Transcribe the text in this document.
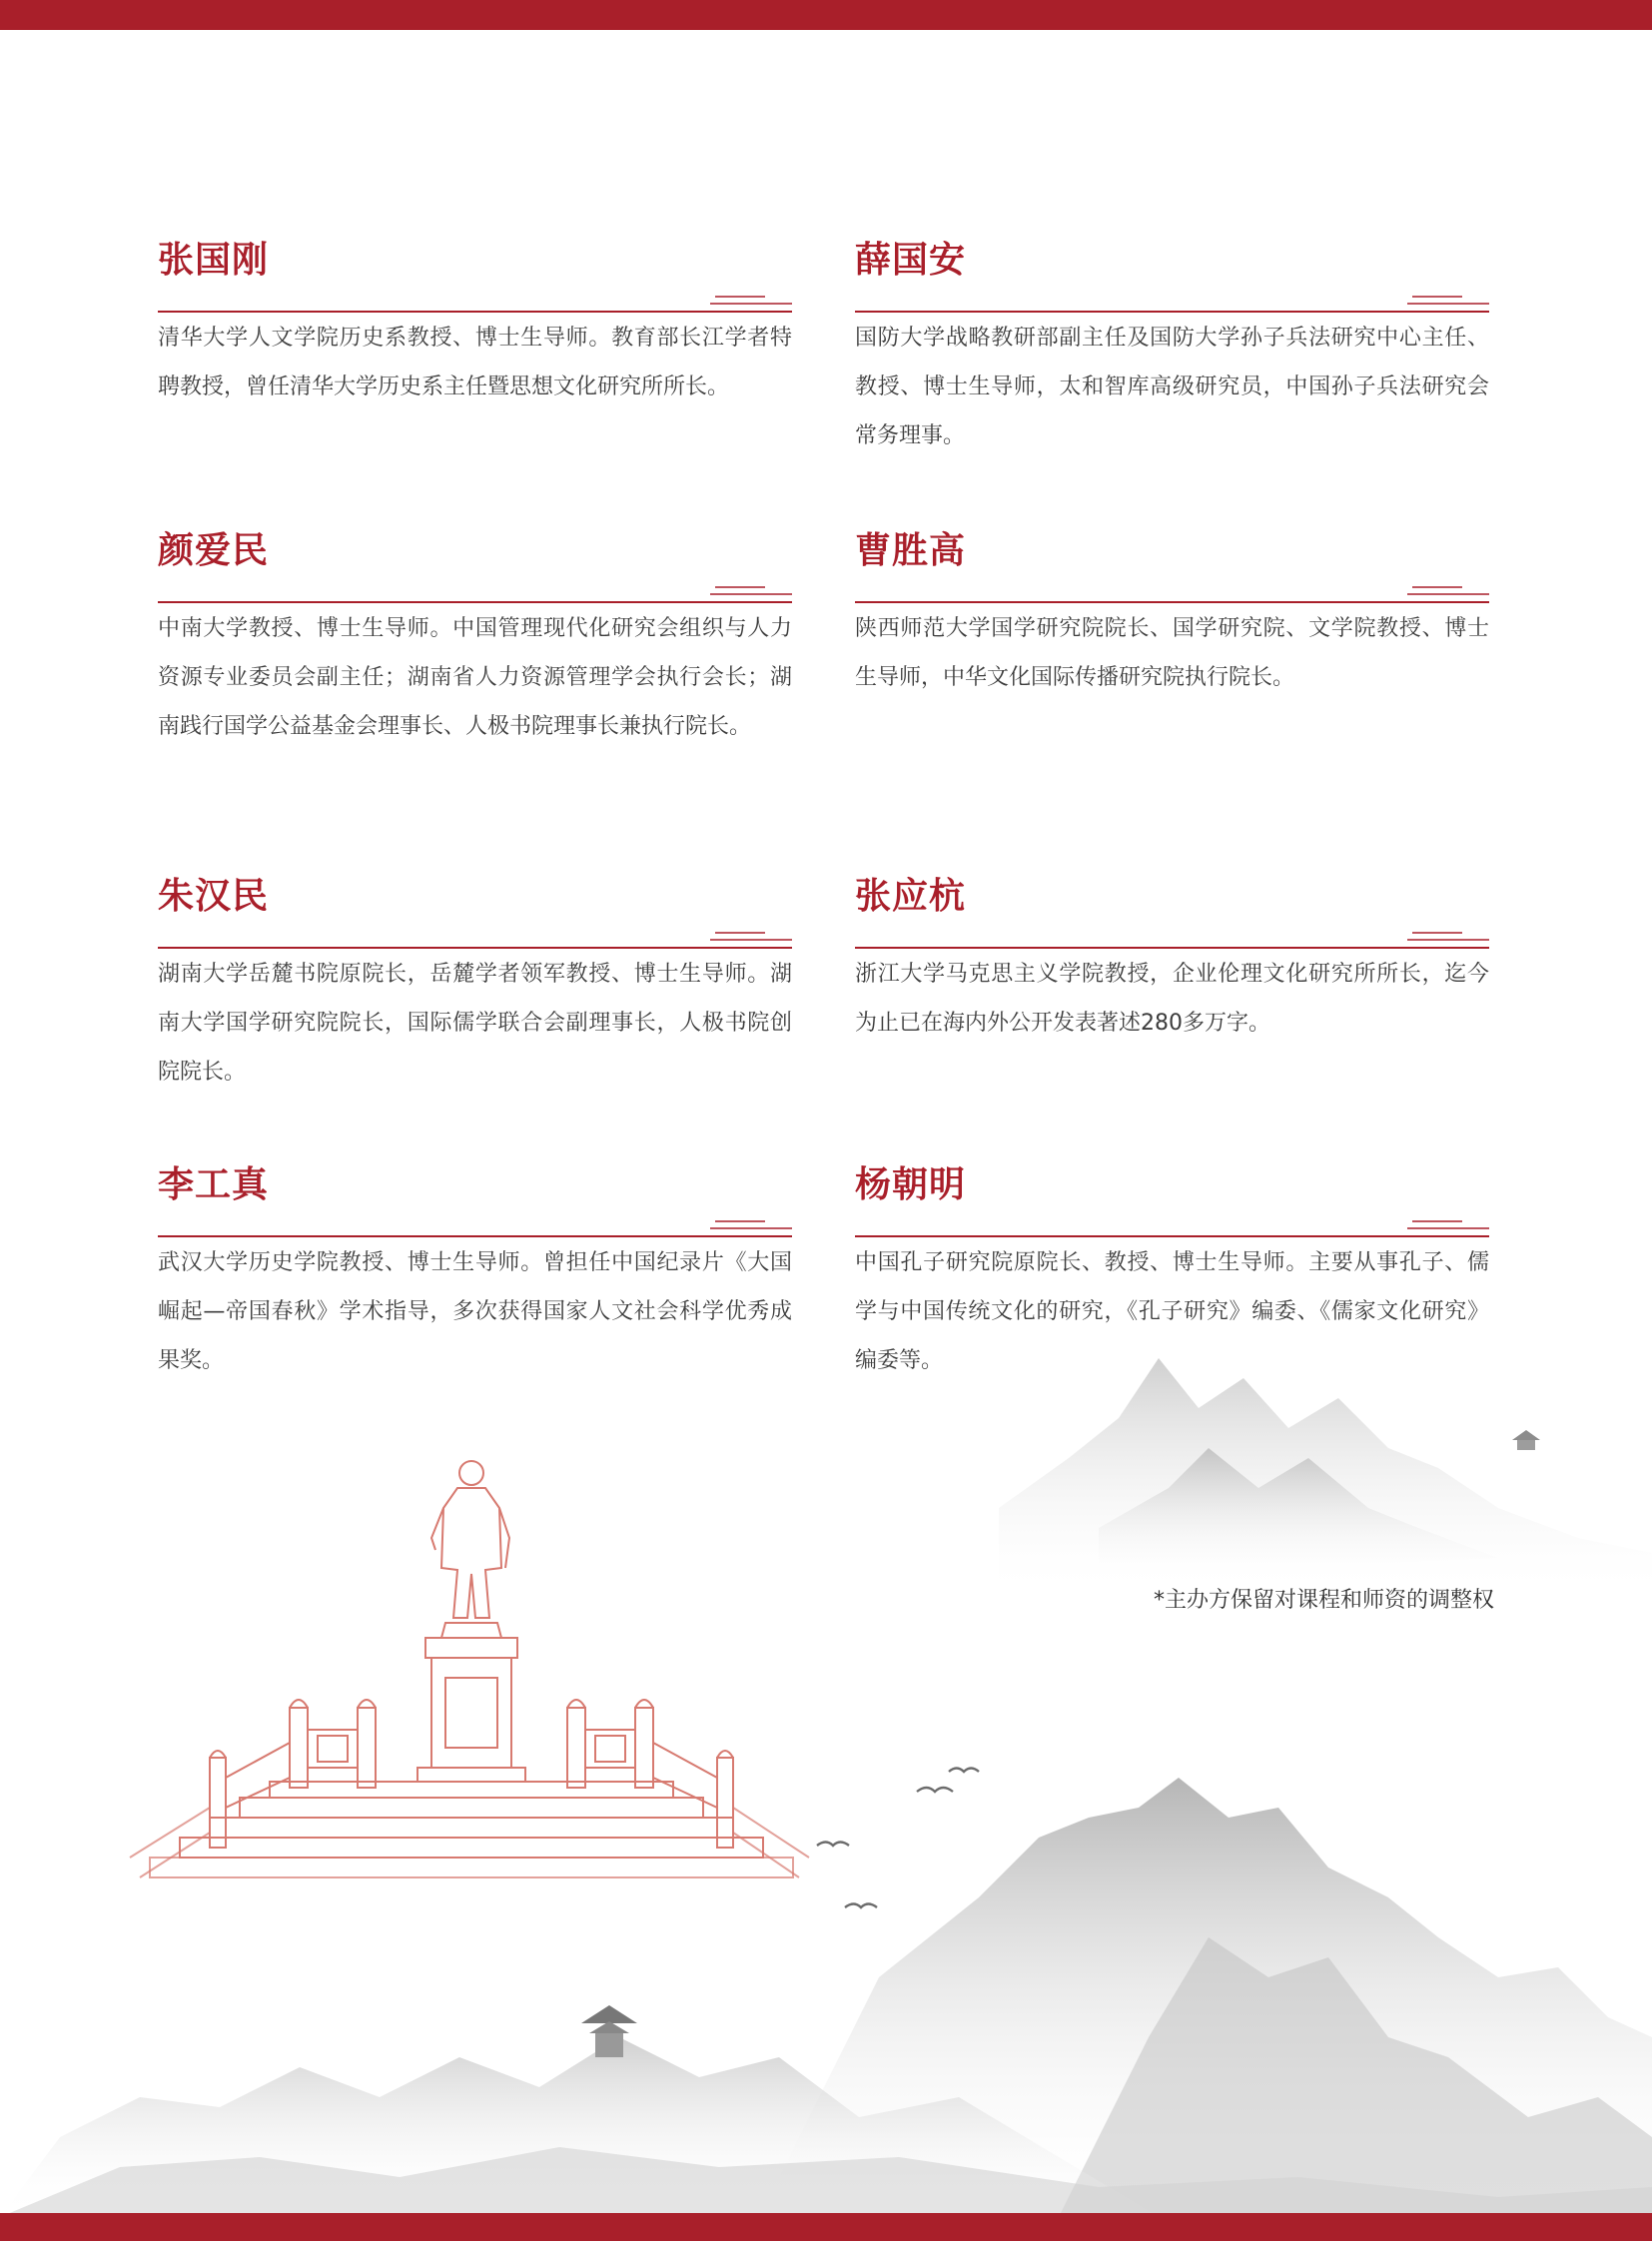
张国刚
清华大学人文学院历史系教授、博士生导师。教育部长江学者特聘教授，曾任清华大学历史系主任暨思想文化研究所所长。
薛国安
国防大学战略教研部副主任及国防大学孙子兵法研究中心主任、教授、博士生导师，太和智库高级研究员，中国孙子兵法研究会常务理事。
颜爱民
中南大学教授、博士生导师。中国管理现代化研究会组织与人力资源专业委员会副主任；湖南省人力资源管理学会执行会长；湖南践行国学公益基金会理事长、人极书院理事长兼执行院长。
曹胜高
陕西师范大学国学研究院院长、国学研究院、文学院教授、博士生导师，中华文化国际传播研究院执行院长。
朱汉民
湖南大学岳麓书院原院长，岳麓学者领军教授、博士生导师。湖南大学国学研究院院长，国际儒学联合会副理事长，人极书院创院院长。
张应杭
浙江大学马克思主义学院教授，企业伦理文化研究所所长，迄今为止已在海内外公开发表著述280多万字。
李工真
武汉大学历史学院教授、博士生导师。曾担任中国纪录片《大国崛起—帝国春秋》学术指导，多次获得国家人文社会科学优秀成果奖。
杨朝明
中国孔子研究院原院长、教授、博士生导师。主要从事孔子、儒学与中国传统文化的研究，《孔子研究》编委、《儒家文化研究》编委等。
*主办方保留对课程和师资的调整权
